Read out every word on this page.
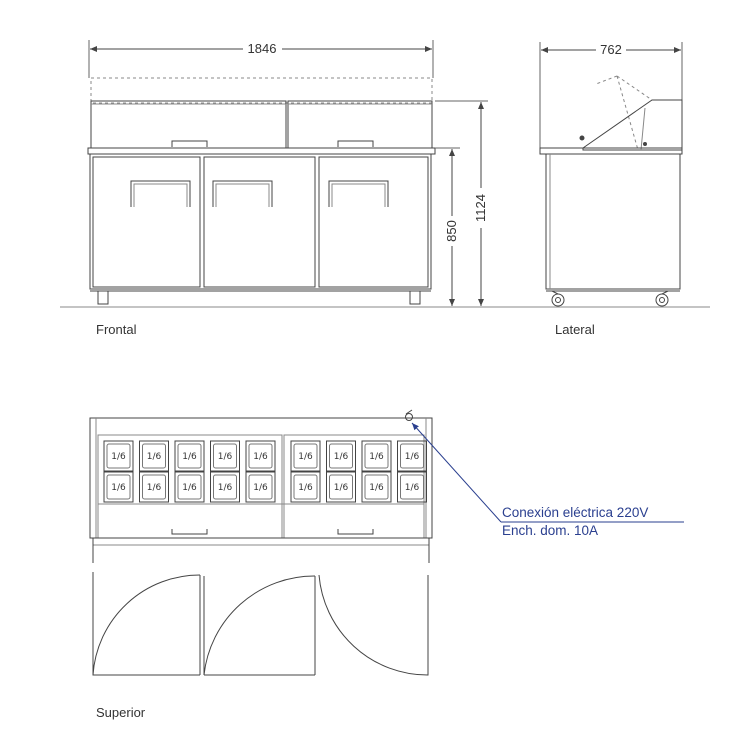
1846
850
1124
Frontal
762
Lateral
1/6 1/6 1/6 1/6 1/6
1/6 1/6 1/6 1/6 1/6
1/6 1/6 1/6 1/6
1/6 1/6 1/6 1/6
Conexión eléctrica 220V
Ench. dom. 10A
Superior
